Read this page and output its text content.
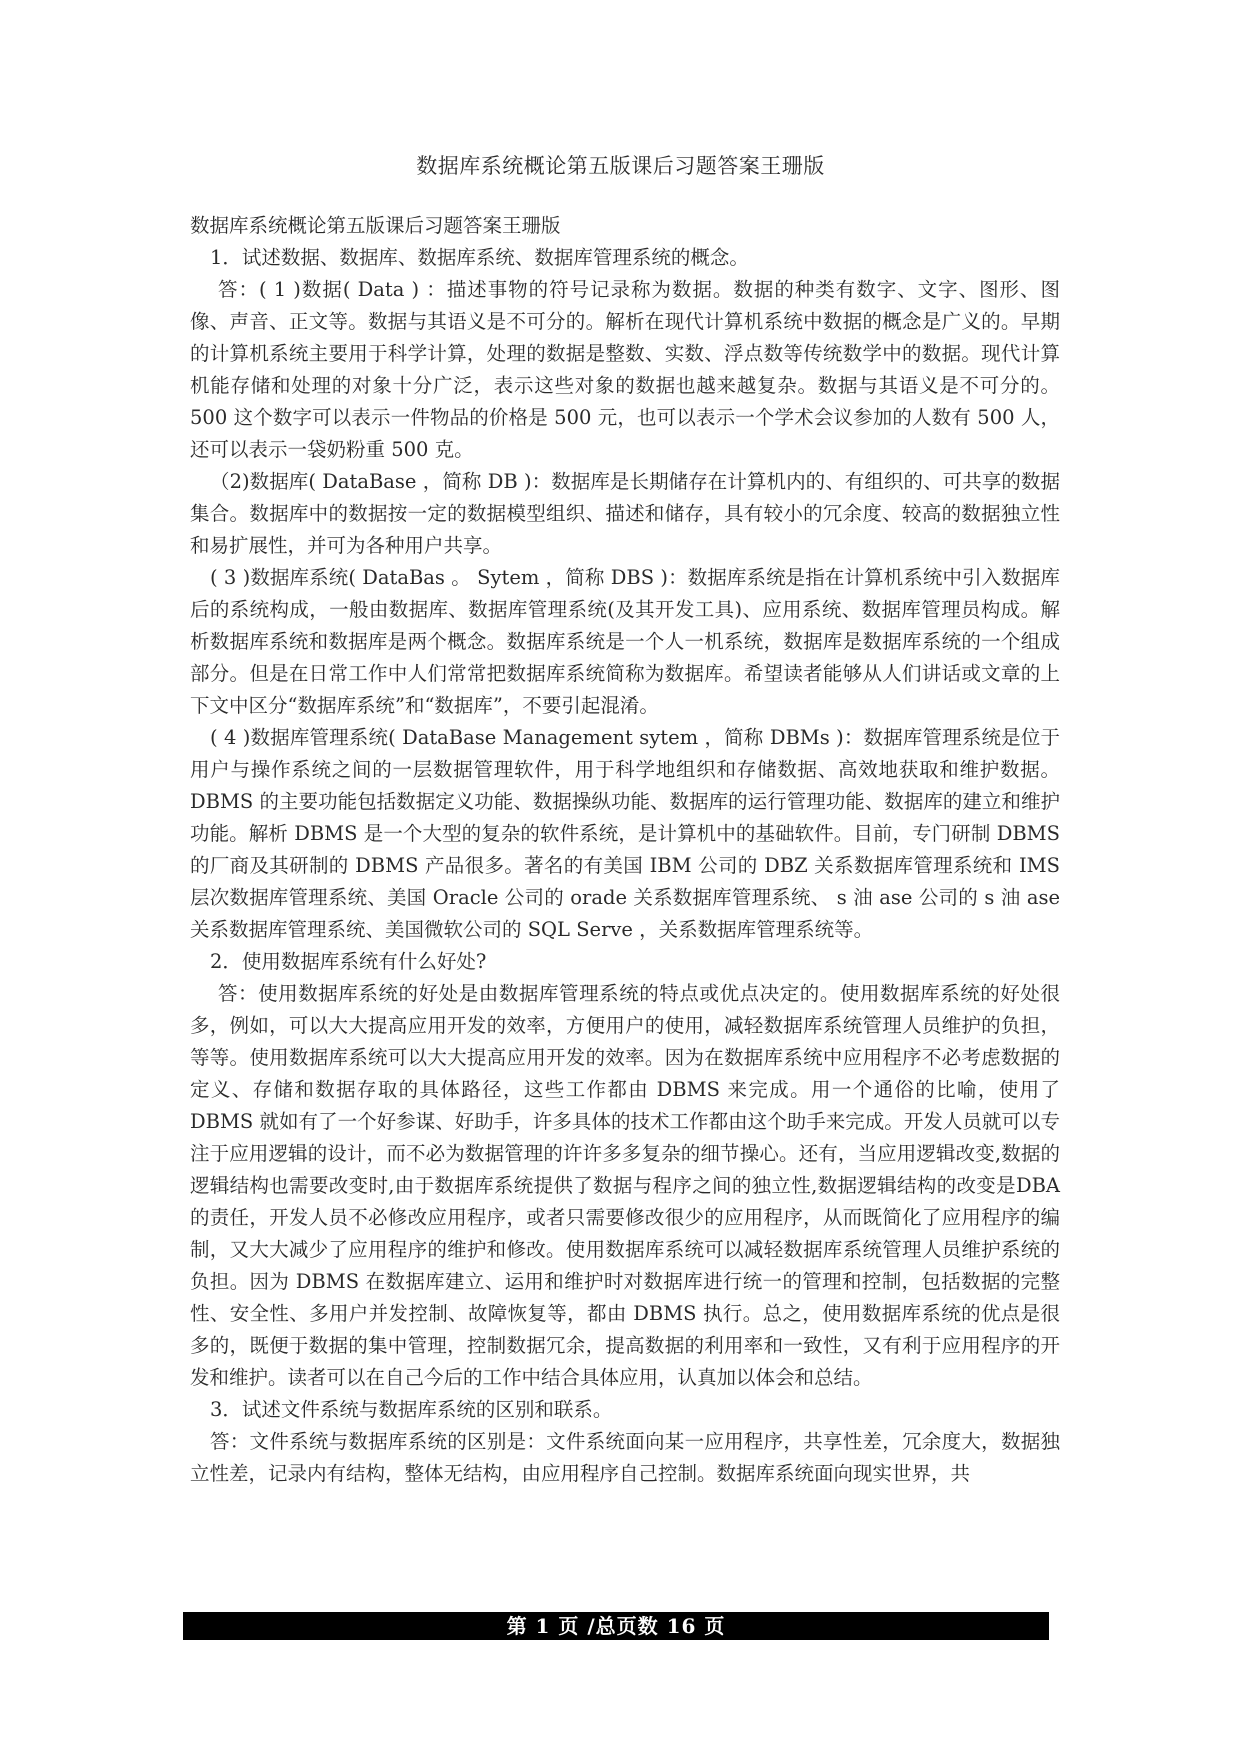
数据库系统概论第五版课后习题答案王珊版

数据库系统概论第五版课后习题答案王珊版

1．试述数据、数据库、数据库系统、数据库管理系统的概念。

答：( 1 )数据( Data ) ：描述事物的符号记录称为数据。数据的种类有数字、文字、图形、图像、声音、正文等。数据与其语义是不可分的。解析在现代计算机系统中数据的概念是广义的。早期的计算机系统主要用于科学计算，处理的数据是整数、实数、浮点数等传统数学中的数据。现代计算机能存储和处理的对象十分广泛，表示这些对象的数据也越来越复杂。数据与其语义是不可分的。 500 这个数字可以表示一件物品的价格是 500 元，也可以表示一个学术会议参加的人数有 500 人，还可以表示一袋奶粉重 500 克。

（2)数据库( DataBase ，简称 DB )：数据库是长期储存在计算机内的、有组织的、可共享的数据集合。数据库中的数据按一定的数据模型组织、描述和储存，具有较小的冗余度、较高的数据独立性和易扩展性，并可为各种用户共享。

( 3 )数据库系统( DataBas 。 Sytem ，简称 DBS )：数据库系统是指在计算机系统中引入数据库后的系统构成，一般由数据库、数据库管理系统(及其开发工具)、应用系统、数据库管理员构成。解析数据库系统和数据库是两个概念。数据库系统是一个人一机系统，数据库是数据库系统的一个组成部分。但是在日常工作中人们常常把数据库系统简称为数据库。希望读者能够从人们讲话或文章的上下文中区分“数据库系统”和“数据库”，不要引起混淆。

( 4 )数据库管理系统( DataBase Management sytem ，简称 DBMs )：数据库管理系统是位于用户与操作系统之间的一层数据管理软件，用于科学地组织和存储数据、高效地获取和维护数据。 DBMS 的主要功能包括数据定义功能、数据操纵功能、数据库的运行管理功能、数据库的建立和维护功能。解析 DBMS 是一个大型的复杂的软件系统，是计算机中的基础软件。目前，专门研制 DBMS 的厂商及其研制的 DBMS 产品很多。著名的有美国 IBM 公司的 DBZ 关系数据库管理系统和 IMS 层次数据库管理系统、美国 Oracle 公司的 orade 关系数据库管理系统、 s 油 ase 公司的 s 油 ase 关系数据库管理系统、美国微软公司的 SQL Serve ，关系数据库管理系统等。

2．使用数据库系统有什么好处?

答：使用数据库系统的好处是由数据库管理系统的特点或优点决定的。使用数据库系统的好处很多，例如，可以大大提高应用开发的效率，方便用户的使用，减轻数据库系统管理人员维护的负担，等等。使用数据库系统可以大大提高应用开发的效率。因为在数据库系统中应用程序不必考虑数据的定义、存储和数据存取的具体路径，这些工作都由 DBMS 来完成。用一个通俗的比喻，使用了 DBMS 就如有了一个好参谋、好助手，许多具体的技术工作都由这个助手来完成。开发人员就可以专注于应用逻辑的设计，而不必为数据管理的许许多多复杂的细节操心。还有，当应用逻辑改变,数据的逻辑结构也需要改变时,由于数据库系统提供了数据与程序之间的独立性,数据逻辑结构的改变是DBA的责任，开发人员不必修改应用程序，或者只需要修改很少的应用程序，从而既简化了应用程序的编制，又大大减少了应用程序的维护和修改。使用数据库系统可以减轻数据库系统管理人员维护系统的负担。因为 DBMS 在数据库建立、运用和维护时对数据库进行统一的管理和控制，包括数据的完整性、安全性、多用户并发控制、故障恢复等，都由 DBMS 执行。总之，使用数据库系统的优点是很多的，既便于数据的集中管理，控制数据冗余，提高数据的利用率和一致性，又有利于应用程序的开发和维护。读者可以在自己今后的工作中结合具体应用，认真加以体会和总结。

3．试述文件系统与数据库系统的区别和联系。

答：文件系统与数据库系统的区别是：文件系统面向某一应用程序，共享性差，冗余度大，数据独立性差，记录内有结构，整体无结构，由应用程序自己控制。数据库系统面向现实世界，共

第 1 页 /总页数 16 页
